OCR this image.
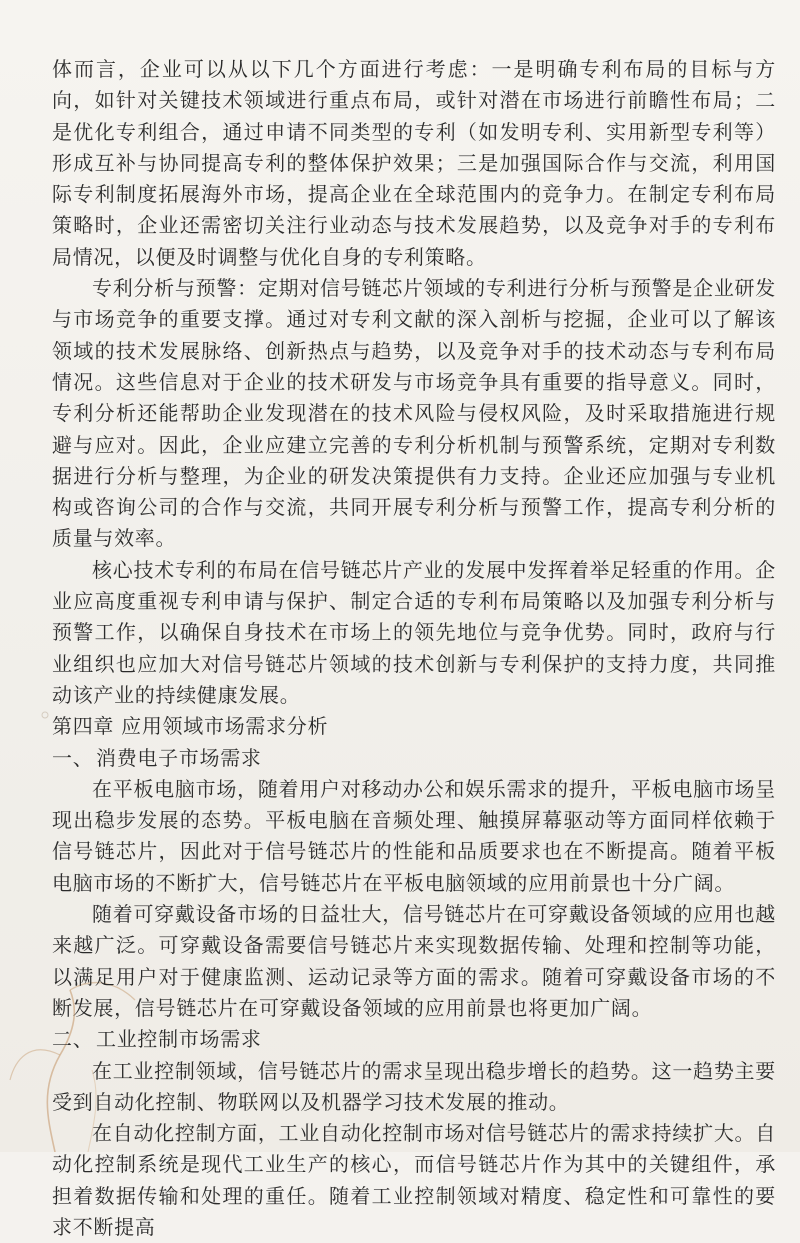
体而言，企业可以从以下几个方面进行考虑：一是明确专利布局的目标与方向，如针对关键技术领域进行重点布局，或针对潜在市场进行前瞻性布局；二是优化专利组合，通过申请不同类型的专利（如发明专利、实用新型专利等）形成互补与协同提高专利的整体保护效果；三是加强国际合作与交流，利用国际专利制度拓展海外市场，提高企业在全球范围内的竞争力。在制定专利布局策略时，企业还需密切关注行业动态与技术发展趋势，以及竞争对手的专利布局情况，以便及时调整与优化自身的专利策略。

专利分析与预警：定期对信号链芯片领域的专利进行分析与预警是企业研发与市场竞争的重要支撑。通过对专利文献的深入剖析与挖掘，企业可以了解该领域的技术发展脉络、创新热点与趋势，以及竞争对手的技术动态与专利布局情况。这些信息对于企业的技术研发与市场竞争具有重要的指导意义。同时，专利分析还能帮助企业发现潜在的技术风险与侵权风险，及时采取措施进行规避与应对。因此，企业应建立完善的专利分析机制与预警系统，定期对专利数据进行分析与整理，为企业的研发决策提供有力支持。企业还应加强与专业机构或咨询公司的合作与交流，共同开展专利分析与预警工作，提高专利分析的质量与效率。

核心技术专利的布局在信号链芯片产业的发展中发挥着举足轻重的作用。企业应高度重视专利申请与保护、制定合适的专利布局策略以及加强专利分析与预警工作，以确保自身技术在市场上的领先地位与竞争优势。同时，政府与行业组织也应加大对信号链芯片领域的技术创新与专利保护的支持力度，共同推动该产业的持续健康发展。

第四章 应用领域市场需求分析

一、 消费电子市场需求

在平板电脑市场，随着用户对移动办公和娱乐需求的提升，平板电脑市场呈现出稳步发展的态势。平板电脑在音频处理、触摸屏幕驱动等方面同样依赖于信号链芯片，因此对于信号链芯片的性能和品质要求也在不断提高。随着平板电脑市场的不断扩大，信号链芯片在平板电脑领域的应用前景也十分广阔。

随着可穿戴设备市场的日益壮大，信号链芯片在可穿戴设备领域的应用也越来越广泛。可穿戴设备需要信号链芯片来实现数据传输、处理和控制等功能，以满足用户对于健康监测、运动记录等方面的需求。随着可穿戴设备市场的不断发展，信号链芯片在可穿戴设备领域的应用前景也将更加广阔。

二、 工业控制市场需求

在工业控制领域，信号链芯片的需求呈现出稳步增长的趋势。这一趋势主要受到自动化控制、物联网以及机器学习技术发展的推动。

在自动化控制方面，工业自动化控制市场对信号链芯片的需求持续扩大。自动化控制系统是现代工业生产的核心，而信号链芯片作为其中的关键组件，承担着数据传输和处理的重任。随着工业控制领域对精度、稳定性和可靠性的要求不断提高
